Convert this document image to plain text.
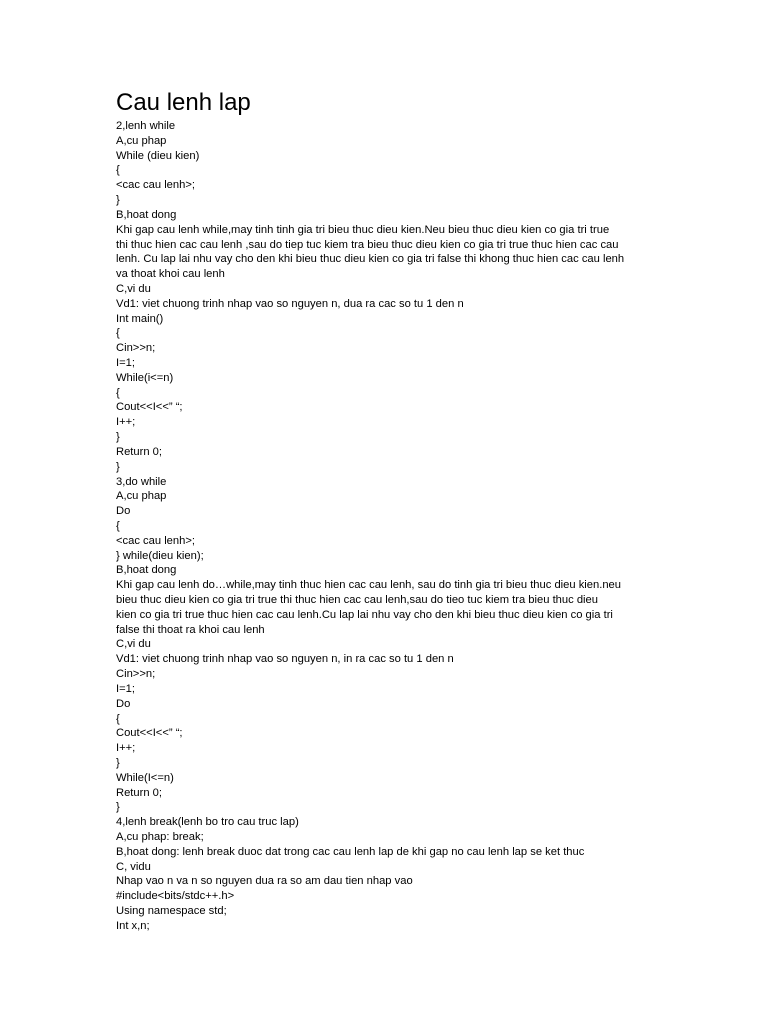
Cau lenh lap
2,lenh while
A,cu phap
While (dieu kien)
{
<cac cau lenh>;
}
B,hoat dong
Khi gap cau lenh while,may tinh tinh gia tri bieu thuc dieu kien.Neu bieu thuc dieu kien co gia tri true
thi thuc hien cac cau lenh ,sau do tiep tuc kiem tra bieu thuc dieu kien co gia tri true thuc hien cac cau
lenh. Cu lap lai nhu vay cho den khi bieu thuc dieu kien co gia tri false thi khong thuc hien cac cau lenh
va thoat khoi cau lenh
C,vi du
Vd1: viet chuong trinh nhap vao so nguyen n, dua ra cac so tu 1 den n
Int main()
{
Cin>>n;
I=1;
While(i<=n)
{
Cout<<I<<” “;
I++;
}
Return 0;
}
3,do while
A,cu phap
Do
{
<cac cau lenh>;
} while(dieu kien);
B,hoat dong
Khi gap cau lenh do…while,may tinh thuc hien cac cau lenh, sau do tinh gia tri bieu thuc dieu kien.neu
bieu thuc dieu kien co gia tri true thi thuc hien cac cau lenh,sau do tieo tuc kiem tra bieu thuc dieu
kien co gia tri true thuc hien cac cau lenh.Cu lap lai nhu vay cho den khi bieu thuc dieu kien co gia tri
false thi thoat ra khoi cau lenh
C,vi du
Vd1: viet chuong trinh nhap vao so nguyen n, in ra cac so tu 1 den n
Cin>>n;
I=1;
Do
{
Cout<<I<<” “;
I++;
}
While(I<=n)
Return 0;
}
4,lenh break(lenh bo tro cau truc lap)
A,cu phap: break;
B,hoat dong: lenh break duoc dat trong cac cau lenh lap de khi gap no cau lenh lap se ket thuc
C, vidu
Nhap vao n va n so nguyen dua ra so am dau tien nhap vao
#include<bits/stdc++.h>
Using namespace std;
Int x,n;
